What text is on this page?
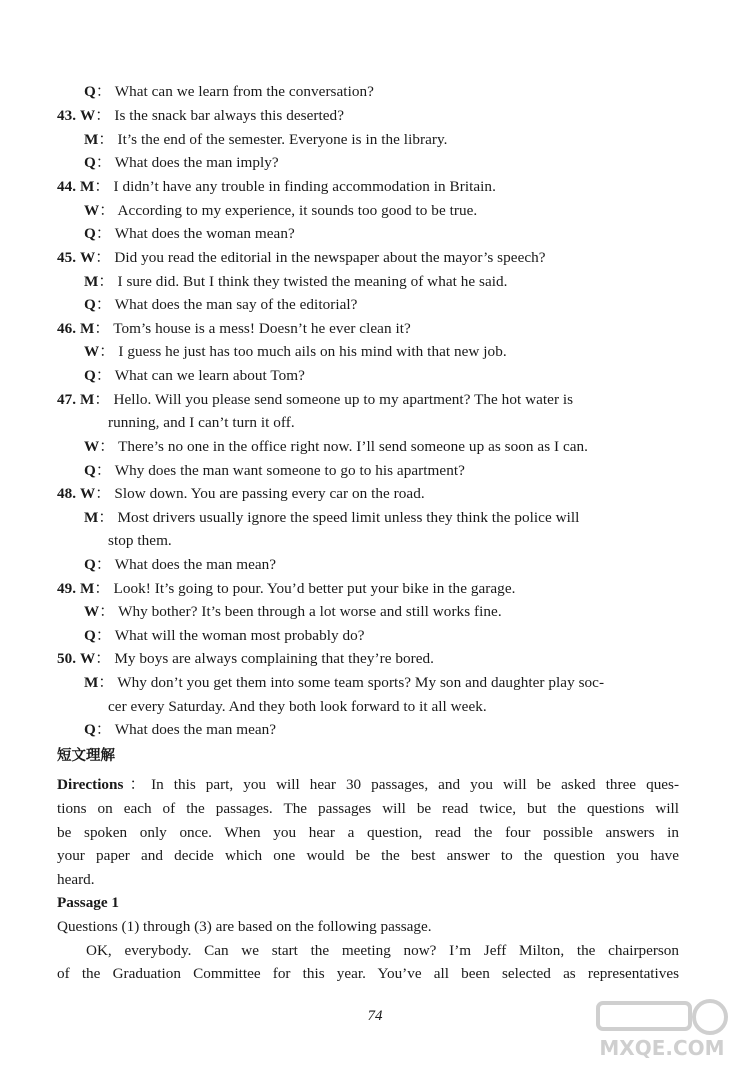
Q： What can we learn from the conversation?
43. W： Is the snack bar always this deserted?
M： It’s the end of the semester. Everyone is in the library.
Q： What does the man imply?
44. M： I didn’t have any trouble in finding accommodation in Britain.
W： According to my experience, it sounds too good to be true.
Q： What does the woman mean?
45. W： Did you read the editorial in the newspaper about the mayor’s speech?
M： I sure did. But I think they twisted the meaning of what he said.
Q： What does the man say of the editorial?
46. M： Tom’s house is a mess! Doesn’t he ever clean it?
W： I guess he just has too much ails on his mind with that new job.
Q： What can we learn about Tom?
47. M： Hello. Will you please send someone up to my apartment? The hot water is
running, and I can’t turn it off.
W： There’s no one in the office right now. I’ll send someone up as soon as I can.
Q： Why does the man want someone to go to his apartment?
48. W： Slow down. You are passing every car on the road.
M： Most drivers usually ignore the speed limit unless they think the police will
stop them.
Q： What does the man mean?
49. M： Look! It’s going to pour. You’d better put your bike in the garage.
W： Why bother? It’s been through a lot worse and still works fine.
Q： What will the woman most probably do?
50. W： My boys are always complaining that they’re bored.
M： Why don’t you get them into some team sports? My son and daughter play soc-
cer every Saturday. And they both look forward to it all week.
Q： What does the man mean?
短文理解
Directions：In this part, you will hear 30 passages, and you will be asked three ques-
tions on each of the passages. The passages will be read twice, but the questions will
be spoken only once. When you hear a question, read the four possible answers in
your paper and decide which one would be the best answer to the question you have
heard.
Passage 1
Questions (1) through (3) are based on the following passage.
OK, everybody. Can we start the meeting now? I’m Jeff Milton, the chairperson
of the Graduation Committee for this year. You’ve all been selected as representatives
74
MXQE.COM
